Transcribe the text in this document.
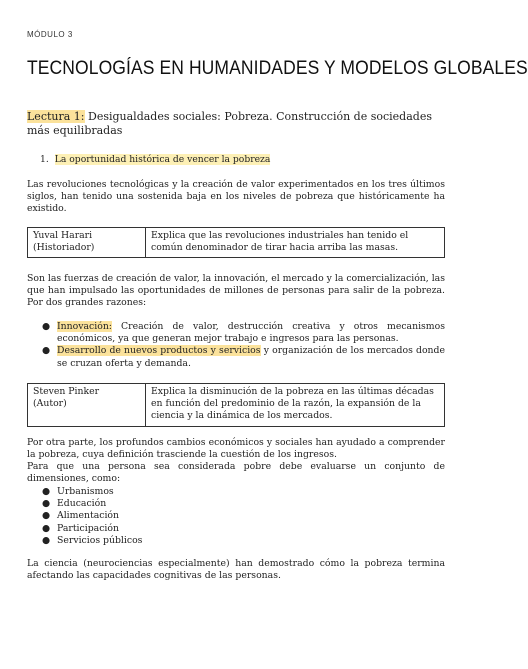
MÓDULO 3
TECNOLOGÍAS EN HUMANIDADES Y MODELOS GLOBALES
Lectura 1: Desigualdades sociales: Pobreza. Construcción de sociedades más equilibradas
1. La oportunidad histórica de vencer la pobreza

Las revoluciones tecnológicas y la creación de valor experimentados en los tres últimos siglos, han tenido una sostenida baja en los niveles de pobreza que históricamente ha existido.

Yuval Harari
(Historiador)
	Explica que las revoluciones industriales han tenido el común denominador de tirar hacia arriba las masas.

Son las fuerzas de creación de valor, la innovación, el mercado y la comercialización, las que han impulsado las oportunidades de millones de personas para salir de la pobreza. Por dos grandes razones:

● Innovación: Creación de valor, destrucción creativa y otros mecanismos económicos, ya que generan mejor trabajo e ingresos para las personas.
● Desarrollo de nuevos productos y servicios y organización de los mercados donde se cruzan oferta y demanda.
Steven Pinker
(Autor)
	Explica la disminución de la pobreza en las últimas décadas en función del predominio de la razón, la expansión de la ciencia y la dinámica de los mercados.

Por otra parte, los profundos cambios económicos y sociales han ayudado a comprender la pobreza, cuya definición trasciende la cuestión de los ingresos.

Para que una persona sea considerada pobre debe evaluarse un conjunto de dimensiones, como:

● Urbanismos
● Educación
● Alimentación
● Participación
● Servicios públicos

La ciencia (neurociencias especialmente) han demostrado cómo la pobreza termina afectando las capacidades cognitivas de las personas.
